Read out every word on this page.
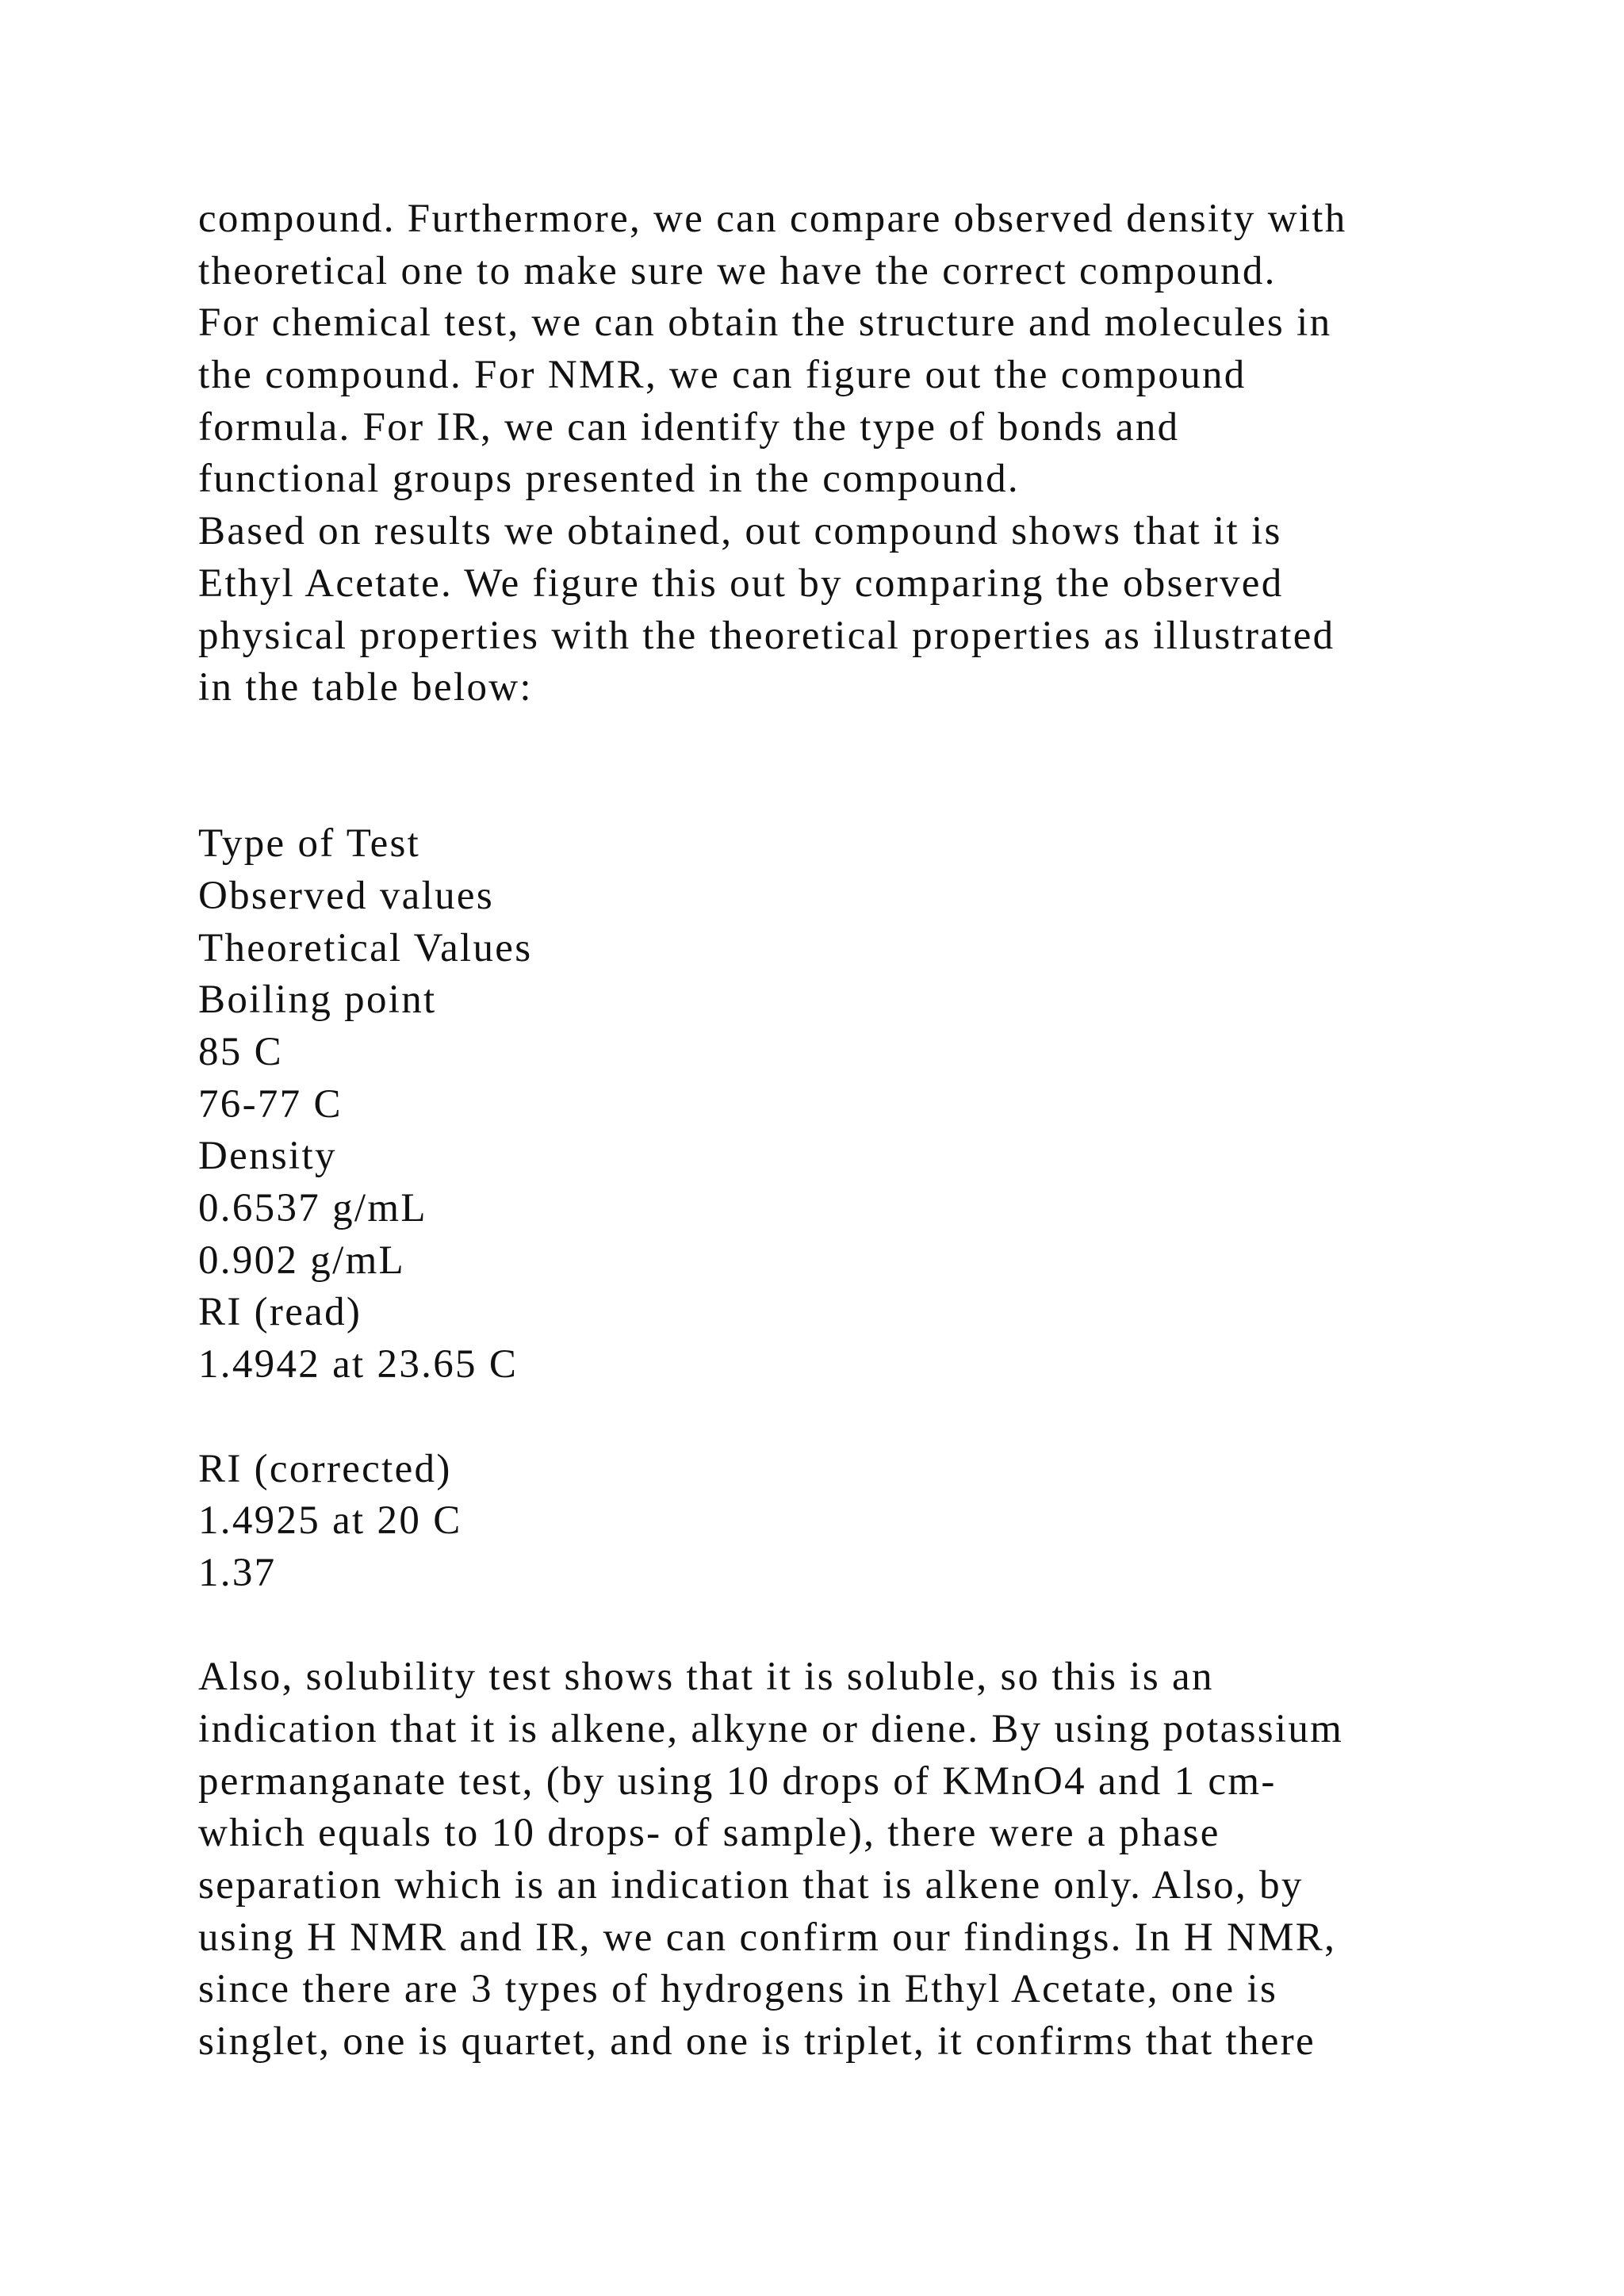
compound. Furthermore, we can compare observed density with
theoretical one to make sure we have the correct compound.
For chemical test, we can obtain the structure and molecules in
the compound. For NMR, we can figure out the compound
formula. For IR, we can identify the type of bonds and
functional groups presented in the compound.
Based on results we obtained, out compound shows that it is
Ethyl Acetate. We figure this out by comparing the observed
physical properties with the theoretical properties as illustrated
in the table below:
Type of Test
Observed values
Theoretical Values
Boiling point
85 C
76-77 C
Density
0.6537 g/mL
0.902 g/mL
RI (read)
1.4942 at 23.65 C
RI (corrected)
1.4925 at 20 C
1.37
Also, solubility test shows that it is soluble, so this is an
indication that it is alkene, alkyne or diene. By using potassium
permanganate test, (by using 10 drops of KMnO4 and 1 cm-
which equals to 10 drops- of sample), there were a phase
separation which is an indication that is alkene only. Also, by
using H NMR and IR, we can confirm our findings. In H NMR,
since there are 3 types of hydrogens in Ethyl Acetate, one is
singlet, one is quartet, and one is triplet, it confirms that there
